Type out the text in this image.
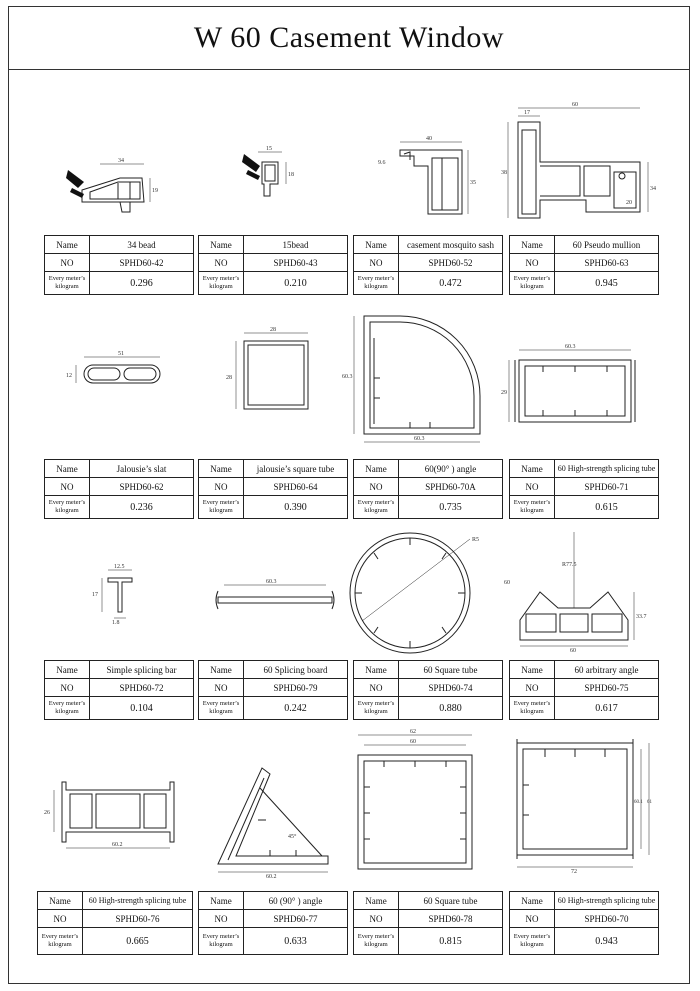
W 60 Casement Window
34
19
15
18
40
35
9.6
60
17
38
34
20
51
12
28
28	60.3
60.3
60.3
29
12.5
17
1.8
60.3
R5
R77.5
60
60
33.7
60.2
26
60.2
45°
62
60
72
60.1 61
Name	34 bead
NO	SPHD60-42
Every meter’s
kilogram	0.296
Name	15bead
NO	SPHD60-43
Every meter’s
kilogram	0.210
Name	casement mosquito sash
NO	SPHD60-52
Every meter’s
kilogram	0.472
Name	60 Pseudo mullion
NO	SPHD60-63
Every meter’s
kilogram	0.945
Name	Jalousie’s slat
NO	SPHD60-62
Every meter’s
kilogram	0.236
Name	jalousie’s square tube
NO	SPHD60-64
Every meter’s
kilogram	0.390
Name	60(90° ) angle
NO	SPHD60-70A
Every meter’s
kilogram	0.735
Name	60 High-strength splicing tube
NO	SPHD60-71
Every meter’s
kilogram	0.615
Name	Simple splicing bar
NO	SPHD60-72
Every meter’s
kilogram	0.104
Name	60 Splicing board
NO	SPHD60-79
Every meter’s
kilogram	0.242
Name	60 Square tube
NO	SPHD60-74
Every meter’s
kilogram	0.880
Name	60 arbitrary angle
NO	SPHD60-75
Every meter’s
kilogram	0.617
Name	60 High-strength splicing tube
NO	SPHD60-76
Every meter’s
kilogram	0.665
Name	60 (90° ) angle
NO	SPHD60-77
Every meter’s
kilogram	0.633
Name	60 Square tube
NO	SPHD60-78
Every meter’s
kilogram	0.815
Name	60 High-strength splicing tube
NO	SPHD60-70
Every meter’s
kilogram	0.943
